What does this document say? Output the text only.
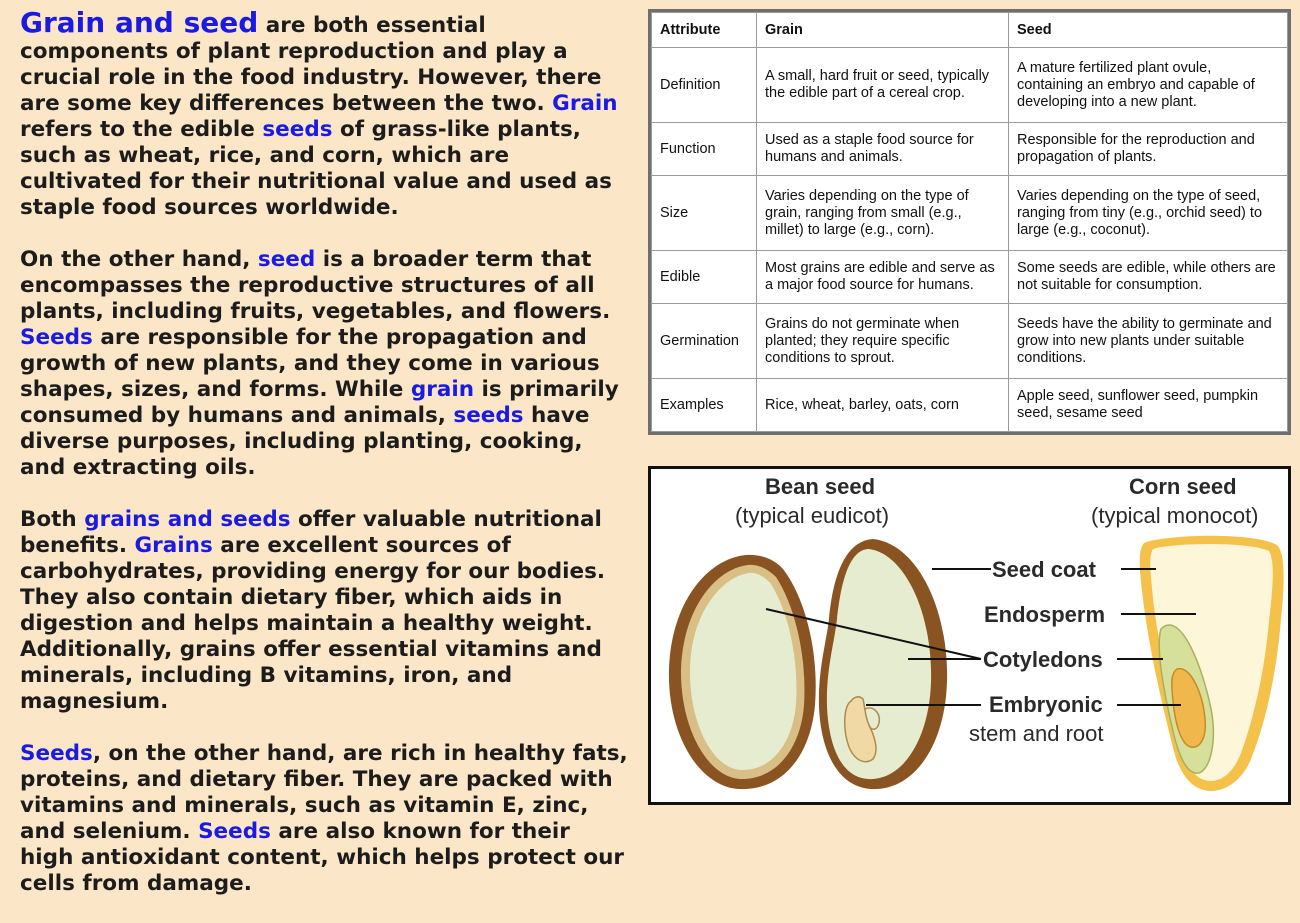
Grain and seed are both essential components of plant reproduction and play a crucial role in the food industry. However, there are some key differences between the two. Grain refers to the edible seeds of grass-like plants, such as wheat, rice, and corn, which are cultivated for their nutritional value and used as staple food sources worldwide.

On the other hand, seed is a broader term that encompasses the reproductive structures of all plants, including fruits, vegetables, and flowers. Seeds are responsible for the propagation and growth of new plants, and they come in various shapes, sizes, and forms. While grain is primarily consumed by humans and animals, seeds have diverse purposes, including planting, cooking, and extracting oils.

Both grains and seeds offer valuable nutritional benefits. Grains are excellent sources of carbohydrates, providing energy for our bodies. They also contain dietary fiber, which aids in digestion and helps maintain a healthy weight. Additionally, grains offer essential vitamins and minerals, including B vitamins, iron, and magnesium.

Seeds, on the other hand, are rich in healthy fats, proteins, and dietary fiber. They are packed with vitamins and minerals, such as vitamin E, zinc, and selenium. Seeds are also known for their high antioxidant content, which helps protect our cells from damage.

Attribute	Grain	Seed
Definition	A small, hard fruit or seed, typically the edible part of a cereal crop.	A mature fertilized plant ovule, containing an embryo and capable of developing into a new plant.
Function	Used as a staple food source for humans and animals.	Responsible for the reproduction and propagation of plants.
Size	Varies depending on the type of grain, ranging from small (e.g., millet) to large (e.g., corn).	Varies depending on the type of seed, ranging from tiny (e.g., orchid seed) to large (e.g., coconut).
Edible	Most grains are edible and serve as a major food source for humans.	Some seeds are edible, while others are not suitable for consumption.
Germination	Grains do not germinate when planted; they require specific conditions to sprout.	Seeds have the ability to germinate and grow into new plants under suitable conditions.
Examples	Rice, wheat, barley, oats, corn	Apple seed, sunflower seed, pumpkin seed, sesame seed
Bean seed
(typical eudicot)
Corn seed
(typical monocot)
Seed coat
Endosperm
Cotyledons
Embryonic
stem and root
